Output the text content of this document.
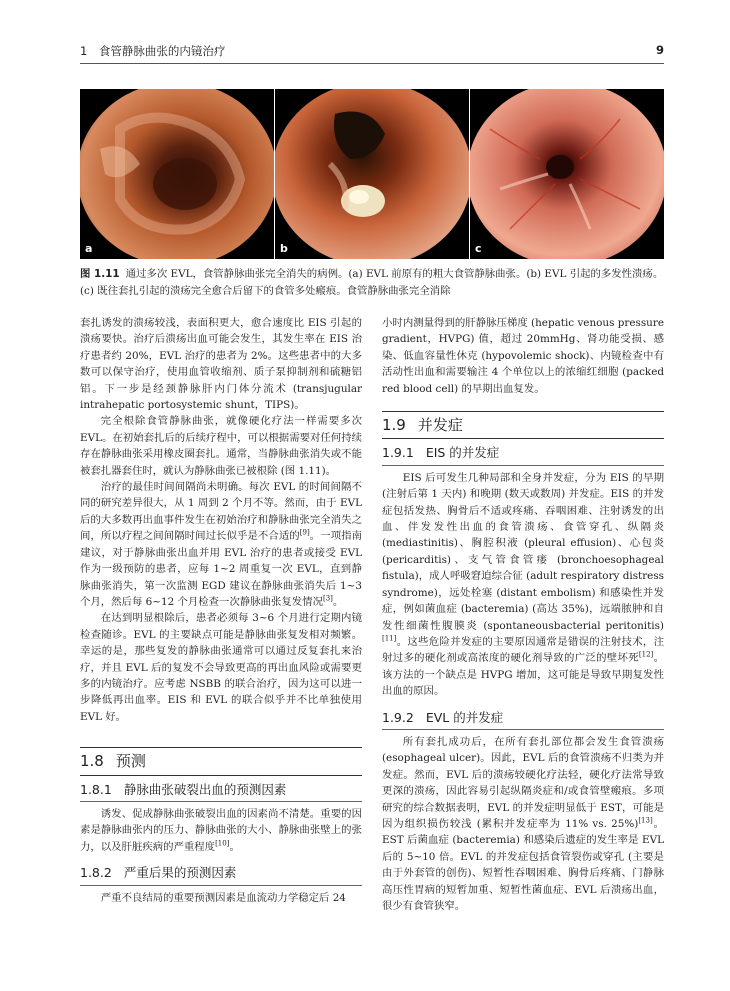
1　食管静脉曲张的内镜治疗	9
a	b	c
图 1.11 通过多次 EVL，食管静脉曲张完全消失的病例。(a) EVL 前原有的粗大食管静脉曲张。(b) EVL 引起的多发性溃疡。(c) 既往套扎引起的溃疡完全愈合后留下的食管多处瘢痕。食管静脉曲张完全消除

套扎诱发的溃疡较浅，表面积更大，愈合速度比 EIS 引起的溃疡要快。治疗后溃疡出血可能会发生，其发生率在 EIS 治疗患者约 20%，EVL 治疗的患者为 2%。这些患者中的大多数可以保守治疗，使用血管收缩剂、质子泵抑制剂和硫糖铝铝。下一步是经颈静脉肝内门体分流术 (transjugular intrahepatic portosystemic shunt，TIPS)。

完全根除食管静脉曲张，就像硬化疗法一样需要多次 EVL。在初始套扎后的后续疗程中，可以根据需要对任何持续存在静脉曲张采用橡皮圈套扎。通常，当静脉曲张消失或不能被套扎器套住时，就认为静脉曲张已被根除 (图 1.11)。

治疗的最佳时间间隔尚未明确。每次 EVL 的时间间隔不同的研究差异很大，从 1 周到 2 个月不等。然而，由于 EVL 后的大多数再出血事件发生在初始治疗和静脉曲张完全消失之间，所以疗程之间间隔时间过长似乎是不合适的[9]。一项指南建议，对于静脉曲张出血并用 EVL 治疗的患者或接受 EVL 作为一级预防的患者，应每 1~2 周重复一次 EVL，直到静脉曲张消失，第一次监测 EGD 建议在静脉曲张消失后 1~3 个月，然后每 6~12 个月检查一次静脉曲张复发情况[3]。

在达到明显根除后，患者必须每 3~6 个月进行定期内镜检查随诊。EVL 的主要缺点可能是静脉曲张复发相对频繁。幸运的是，那些复发的静脉曲张通常可以通过反复套扎来治疗，并且 EVL 后的复发不会导致更高的再出血风险或需要更多的内镜治疗。应考虑 NSBB 的联合治疗，因为这可以进一步降低再出血率。EIS 和 EVL 的联合似乎并不比单独使用 EVL 好。

1.8 预测
1.8.1 静脉曲张破裂出血的预测因素

诱发、促成静脉曲张破裂出血的因素尚不清楚。重要的因素是静脉曲张内的压力、静脉曲张的大小、静脉曲张壁上的张力，以及肝脏疾病的严重程度[10]。

1.8.2 严重后果的预测因素

严重不良结局的重要预测因素是血流动力学稳定后 24

小时内测量得到的肝静脉压梯度 (hepatic venous pressure gradient，HVPG) 值，超过 20mmHg、肾功能受损、感染、低血容量性休克 (hypovolemic shock)、内镜检查中有活动性出血和需要输注 4 个单位以上的浓缩红细胞 (packed red blood cell) 的早期出血复发。

1.9 并发症
1.9.1 EIS 的并发症

EIS 后可发生几种局部和全身并发症，分为 EIS 的早期 (注射后第 1 天内) 和晚期 (数天或数周) 并发症。EIS 的并发症包括发热、胸骨后不适或疼痛、吞咽困难、注射诱发的出血、伴发发性出血的食管溃疡、食管穿孔、纵隔炎 (mediastinitis)、胸腔积液 (pleural effusion)、心包炎 (pericarditis)、支气管食管瘘 (bronchoesophageal fistula)，成人呼吸窘迫综合征 (adult respiratory distress syndrome)，远处栓塞 (distant embolism) 和感染性并发症，例如菌血症 (bacteremia) (高达 35%)，远端脓肿和自发性细菌性腹膜炎 (spontaneousbacterial peritonitis)[11]。这些危险并发症的主要原因通常是错误的注射技术，注射过多的硬化剂或高浓度的硬化剂导致的广泛的壁坏死[12]。该方法的一个缺点是 HVPG 增加，这可能是导致早期复发性出血的原因。

1.9.2 EVL 的并发症

所有套扎成功后，在所有套扎部位都会发生食管溃疡 (esophageal ulcer)。因此，EVL 后的食管溃疡不归类为并发症。然而，EVL 后的溃疡较硬化疗法轻，硬化疗法常导致更深的溃疡，因此容易引起纵隔炎症和/或食管壁瘢痕。多项研究的综合数据表明，EVL 的并发症明显低于 EST，可能是因为组织损伤较浅 (累积并发症率为 11% vs. 25%)[13]。EST 后菌血症 (bacteremia) 和感染后遗症的发生率是 EVL 后的 5~10 倍。EVL 的并发症包括食管裂伤或穿孔 (主要是由于外套管的创伤)、短暂性吞咽困难、胸骨后疼痛、门静脉高压性胃病的短暂加重、短暂性菌血症、EVL 后溃疡出血，很少有食管狭窄。
